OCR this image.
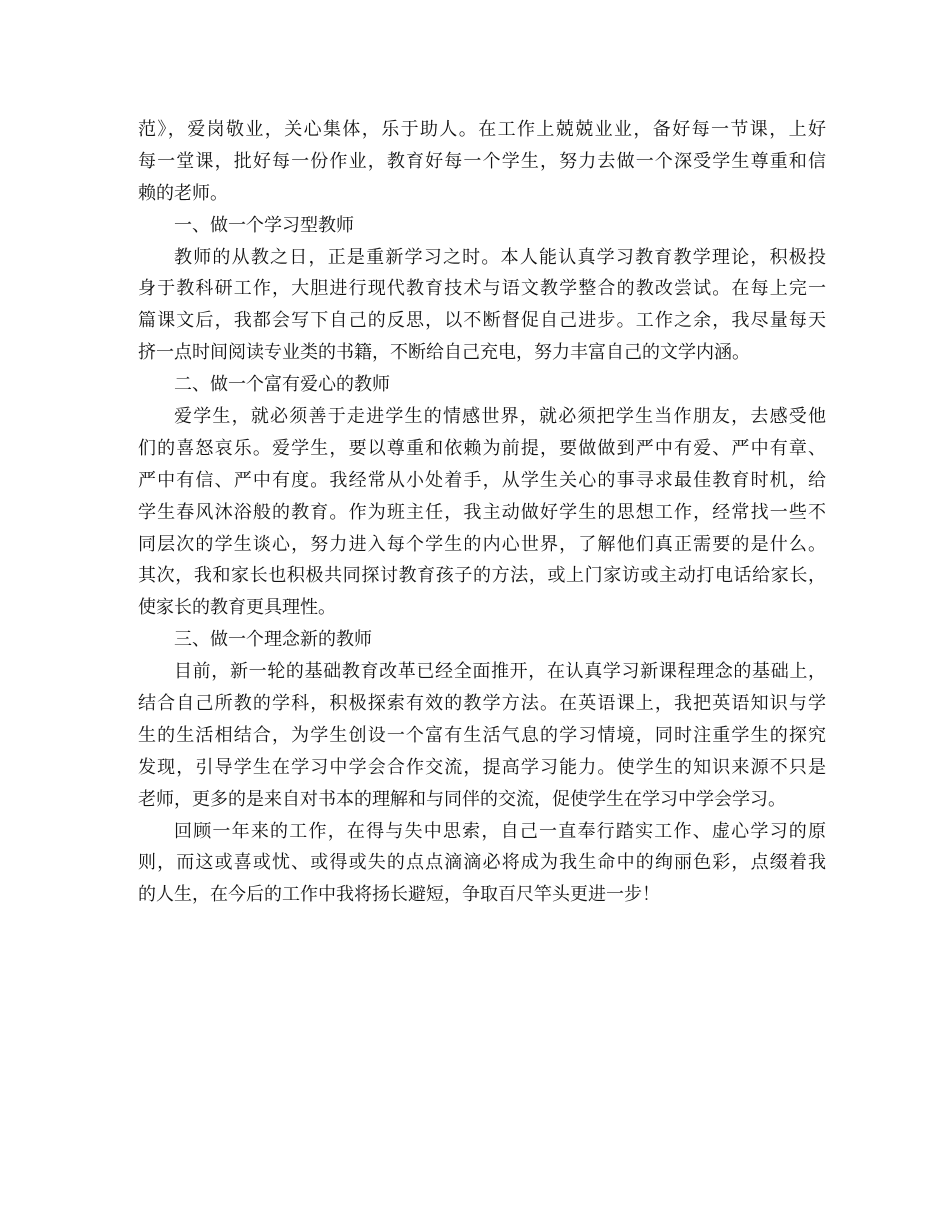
范》，爱岗敬业，关心集体，乐于助人。在工作上兢兢业业，备好每一节课，上好
每一堂课，批好每一份作业，教育好每一个学生，努力去做一个深受学生尊重和信
赖的老师。
一、做一个学习型教师
教师的从教之日，正是重新学习之时。本人能认真学习教育教学理论，积极投
身于教科研工作，大胆进行现代教育技术与语文教学整合的教改尝试。在每上完一
篇课文后，我都会写下自己的反思，以不断督促自己进步。工作之余，我尽量每天
挤一点时间阅读专业类的书籍，不断给自己充电，努力丰富自己的文学内涵。
二、做一个富有爱心的教师
爱学生，就必须善于走进学生的情感世界，就必须把学生当作朋友，去感受他
们的喜怒哀乐。爱学生，要以尊重和依赖为前提，要做做到严中有爱、严中有章、
严中有信、严中有度。我经常从小处着手，从学生关心的事寻求最佳教育时机，给
学生春风沐浴般的教育。作为班主任，我主动做好学生的思想工作，经常找一些不
同层次的学生谈心，努力进入每个学生的内心世界，了解他们真正需要的是什么。
其次，我和家长也积极共同探讨教育孩子的方法，或上门家访或主动打电话给家长，
使家长的教育更具理性。
三、做一个理念新的教师
目前，新一轮的基础教育改革已经全面推开，在认真学习新课程理念的基础上，
结合自己所教的学科，积极探索有效的教学方法。在英语课上，我把英语知识与学
生的生活相结合，为学生创设一个富有生活气息的学习情境，同时注重学生的探究
发现，引导学生在学习中学会合作交流，提高学习能力。使学生的知识来源不只是
老师，更多的是来自对书本的理解和与同伴的交流，促使学生在学习中学会学习。
回顾一年来的工作，在得与失中思索，自己一直奉行踏实工作、虚心学习的原
则，而这或喜或忧、或得或失的点点滴滴必将成为我生命中的绚丽色彩，点缀着我
的人生，在今后的工作中我将扬长避短，争取百尺竿头更进一步！
